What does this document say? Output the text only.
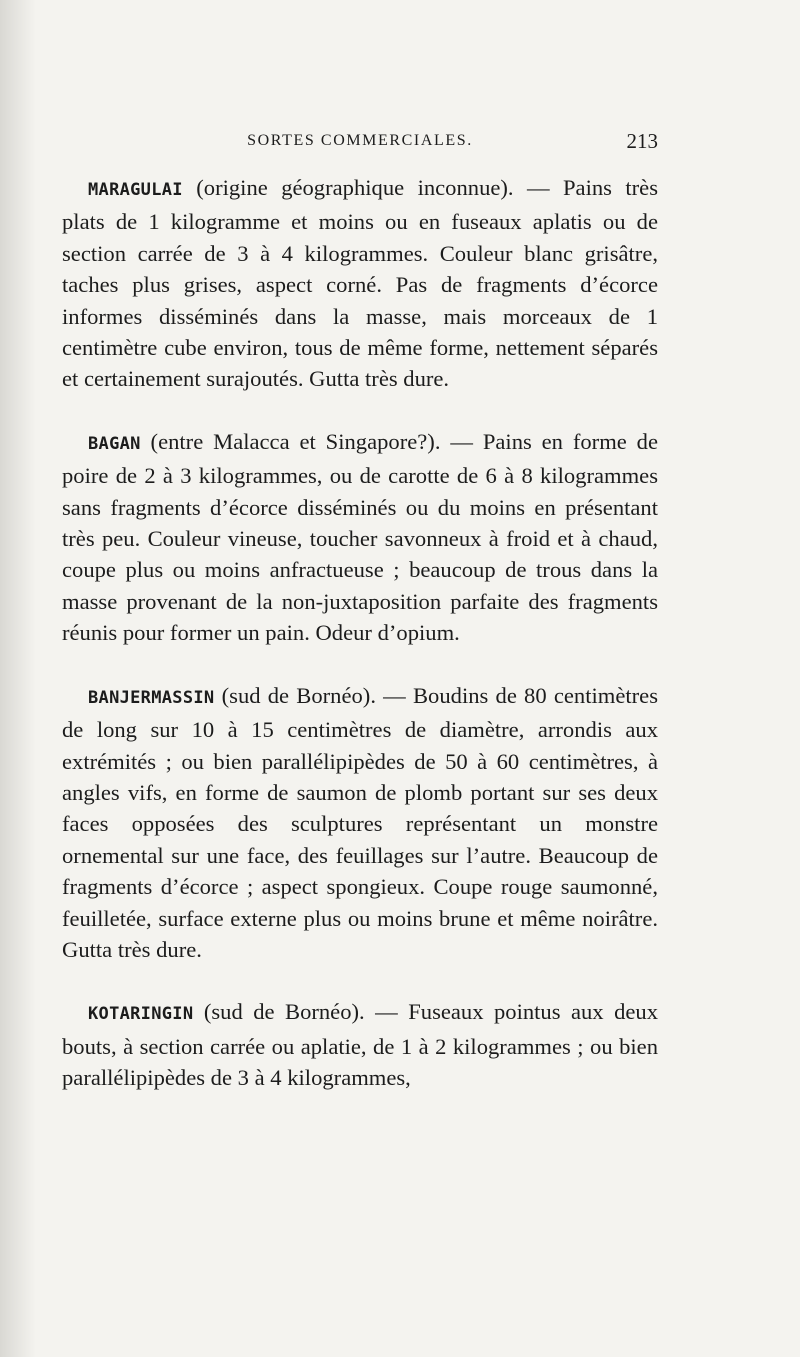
SORTES COMMERCIALES.	213

MARAGULAI (origine géographique inconnue). — Pains très plats de 1 kilogramme et moins ou en fuseaux aplatis ou de section carrée de 3 à 4 kilogrammes. Couleur blanc grisâtre, taches plus grises, aspect corné. Pas de fragments d’écorce informes disséminés dans la masse, mais morceaux de 1 centimètre cube environ, tous de même forme, nettement séparés et certainement surajoutés. Gutta très dure.

BAGAN (entre Malacca et Singapore?). — Pains en forme de poire de 2 à 3 kilogrammes, ou de carotte de 6 à 8 kilogrammes sans fragments d’écorce disséminés ou du moins en présentant très peu. Couleur vineuse, toucher savonneux à froid et à chaud, coupe plus ou moins anfractueuse ; beaucoup de trous dans la masse provenant de la non-juxtaposition parfaite des fragments réunis pour former un pain. Odeur d’opium.

BANJERMASSIN (sud de Bornéo). — Boudins de 80 centimètres de long sur 10 à 15 centimètres de diamètre, arrondis aux extrémités ; ou bien parallélipipèdes de 50 à 60 centimètres, à angles vifs, en forme de saumon de plomb portant sur ses deux faces opposées des sculptures représentant un monstre ornemental sur une face, des feuillages sur l’autre. Beaucoup de fragments d’écorce ; aspect spongieux. Coupe rouge saumonné, feuilletée, surface externe plus ou moins brune et même noirâtre. Gutta très dure.

KOTARINGIN (sud de Bornéo). — Fuseaux pointus aux deux bouts, à section carrée ou aplatie, de 1 à 2 kilogrammes ; ou bien parallélipipèdes de 3 à 4 kilogrammes,
